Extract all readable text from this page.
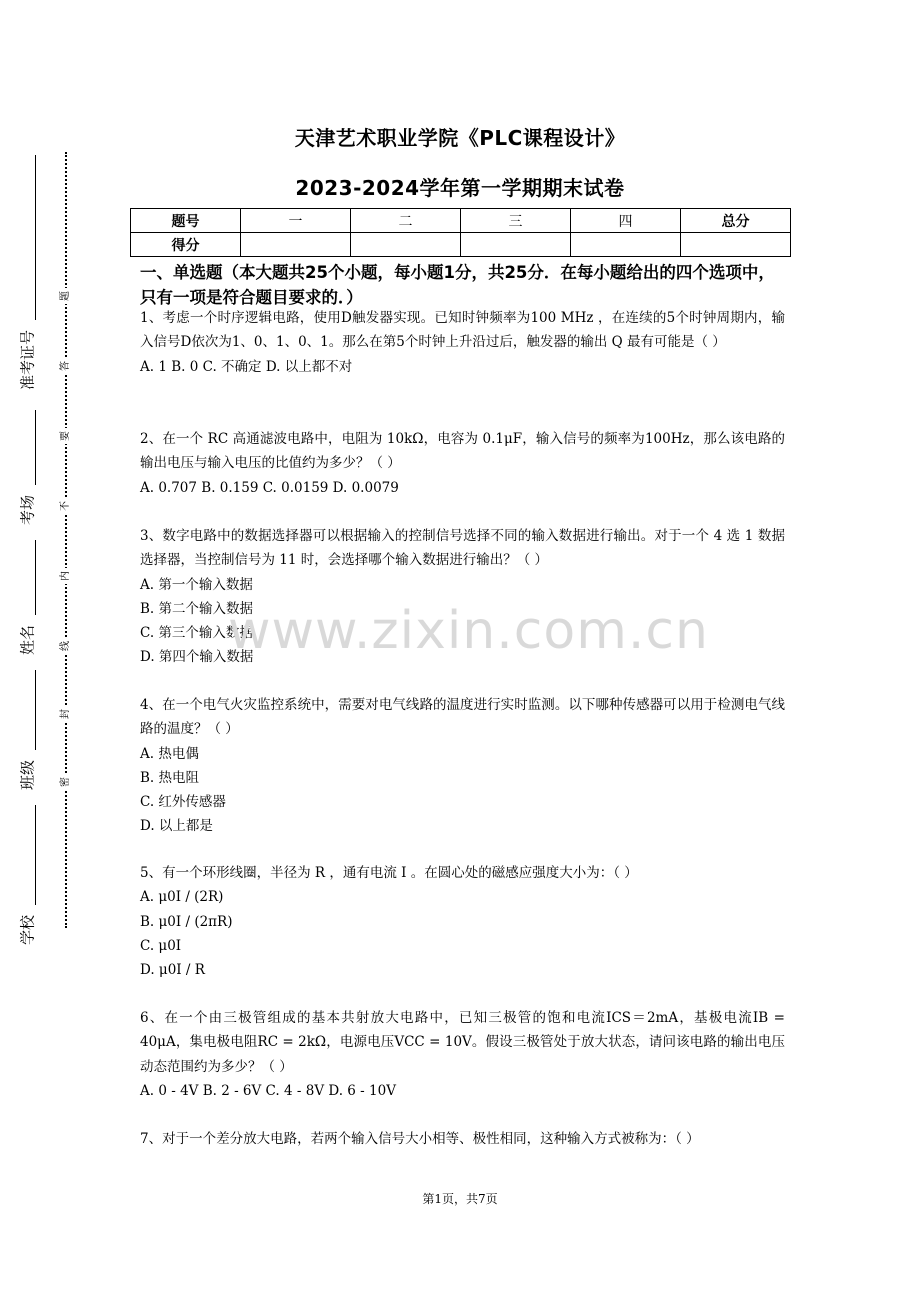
题
答
要
不
内
线
封
密
准考证号
考场
姓名
班级
学校
天津艺术职业学院《PLC课程设计》
2023-2024学年第一学期期末试卷
题号	一	二	三	四	总分
得分					
一、单选题（本大题共25个小题，每小题1分，共25分．在每小题给出的四个选项中，只有一项是符合题目要求的．）
1、考虑一个时序逻辑电路，使用D触发器实现。已知时钟频率为100 MHz ，在连续的5个时钟周期内，输入信号D依次为1、0、1、0、1。那么在第5个时钟上升沿过后，触发器的输出 Q 最有可能是（ ）
A. 1 B. 0 C. 不确定 D. 以上都不对
2、在一个 RC 高通滤波电路中，电阻为 10kΩ，电容为 0.1μF，输入信号的频率为100Hz，那么该电路的输出电压与输入电压的比值约为多少？（ ）
A. 0.707 B. 0.159 C. 0.0159 D. 0.0079
3、数字电路中的数据选择器可以根据输入的控制信号选择不同的输入数据进行输出。对于一个 4 选 1 数据选择器，当控制信号为 11 时，会选择哪个输入数据进行输出？（ ）
A. 第一个输入数据
B. 第二个输入数据
C. 第三个输入数据
D. 第四个输入数据
4、在一个电气火灾监控系统中，需要对电气线路的温度进行实时监测。以下哪种传感器可以用于检测电气线路的温度？（ ）
A. 热电偶
B. 热电阻
C. 红外传感器
D. 以上都是
5、有一个环形线圈，半径为 R ，通有电流 I 。在圆心处的磁感应强度大小为：（ ）
A. μ0I / (2R)
B. μ0I / (2πR)
C. μ0I
D. μ0I / R
6、在一个由三极管组成的基本共射放大电路中，已知三极管的饱和电流ICS＝2mA，基极电流IB = 40μA，集电极电阻RC = 2kΩ，电源电压VCC = 10V。假设三极管处于放大状态，请问该电路的输出电压动态范围约为多少？（ ）
A. 0 - 4V B. 2 - 6V C. 4 - 8V D. 6 - 10V
7、对于一个差分放大电路，若两个输入信号大小相等、极性相同，这种输入方式被称为：（ ）
www.zixin.com.cn
第1页，共7页
